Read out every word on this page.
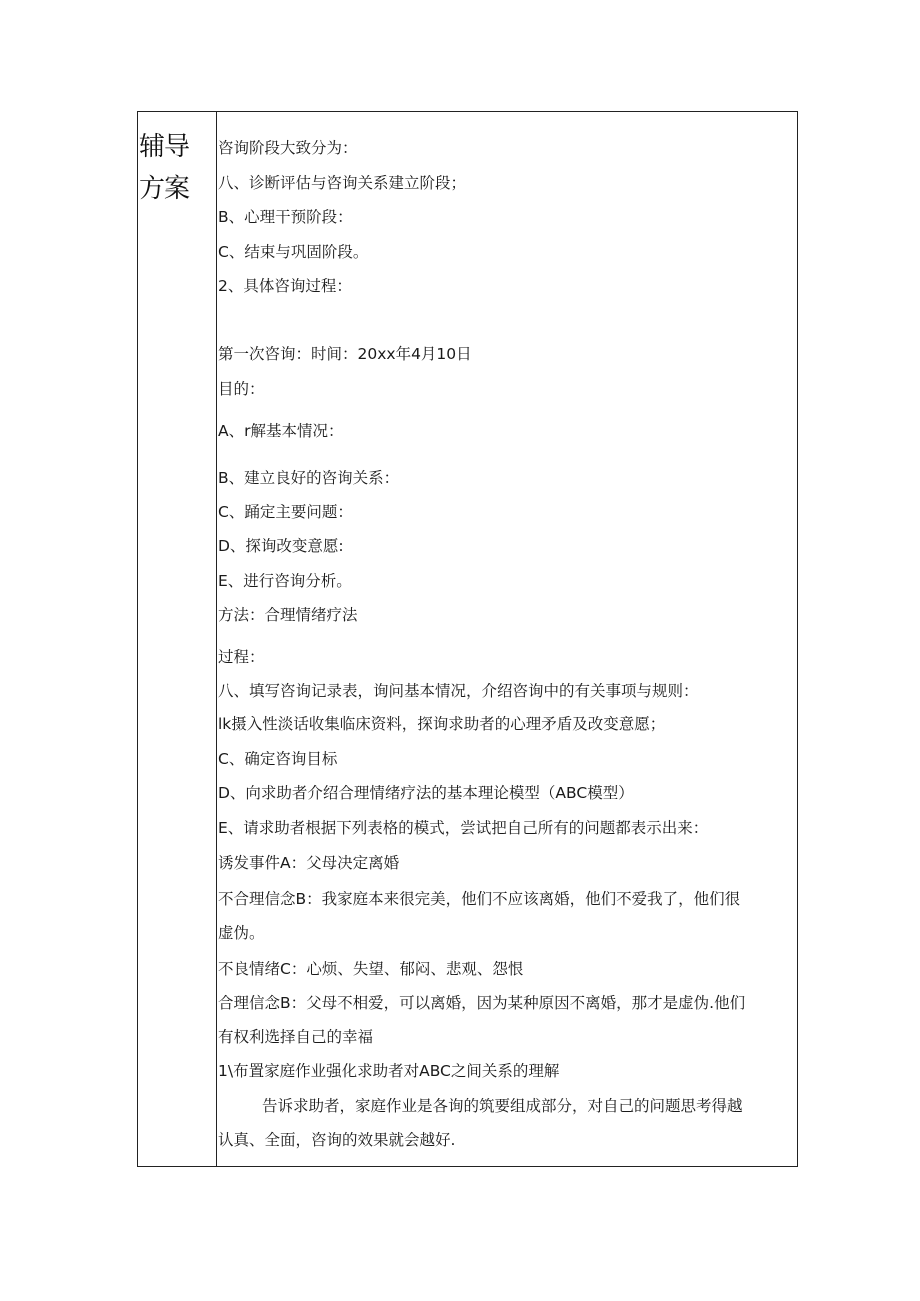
辅导
方案
咨询阶段大致分为：
八、诊断评估与咨询关系建立阶段；
B、心理干预阶段：
C、结束与巩固阶段。
2、具体咨询过程：
第一次咨询：时间：20xx年4月10日
目的：
A、r解基本情况：
B、建立良好的咨询关系：
C、踊定主要问题：
D、探询改变意愿:
E、进行咨询分析。
方法：合理情绪疗法
过程：
八、填写咨询记录表，询问基本情况，介绍咨询中的有关事项与规则：
lk摄入性淡话收集临床资料，探询求助者的心理矛盾及改变意愿；
C、确定咨询目标
D、向求助者介绍合理情绪疗法的基本理论模型（ABC模型）
E、请求助者根据下列表格的模式，尝试把自己所有的问题都表示出来：
诱发事件A：父母决定离婚
不合理信念B：我家庭本来很完美，他们不应该离婚，他们不爱我了，他们很
虚伪。
不良情绪C：心烦、失望、郁闷、悲观、怨恨
合理信念B：父母不相爱，可以离婚，因为某种原因不离婚，那才是虚伪.他们
有权利选择自己的幸福
1\布置家庭作业强化求助者对ABC之间关系的理解
告诉求助者，家庭作业是各询的筑要组成部分，对自己的问题思考得越
认真、全面，咨询的效果就会越好.
